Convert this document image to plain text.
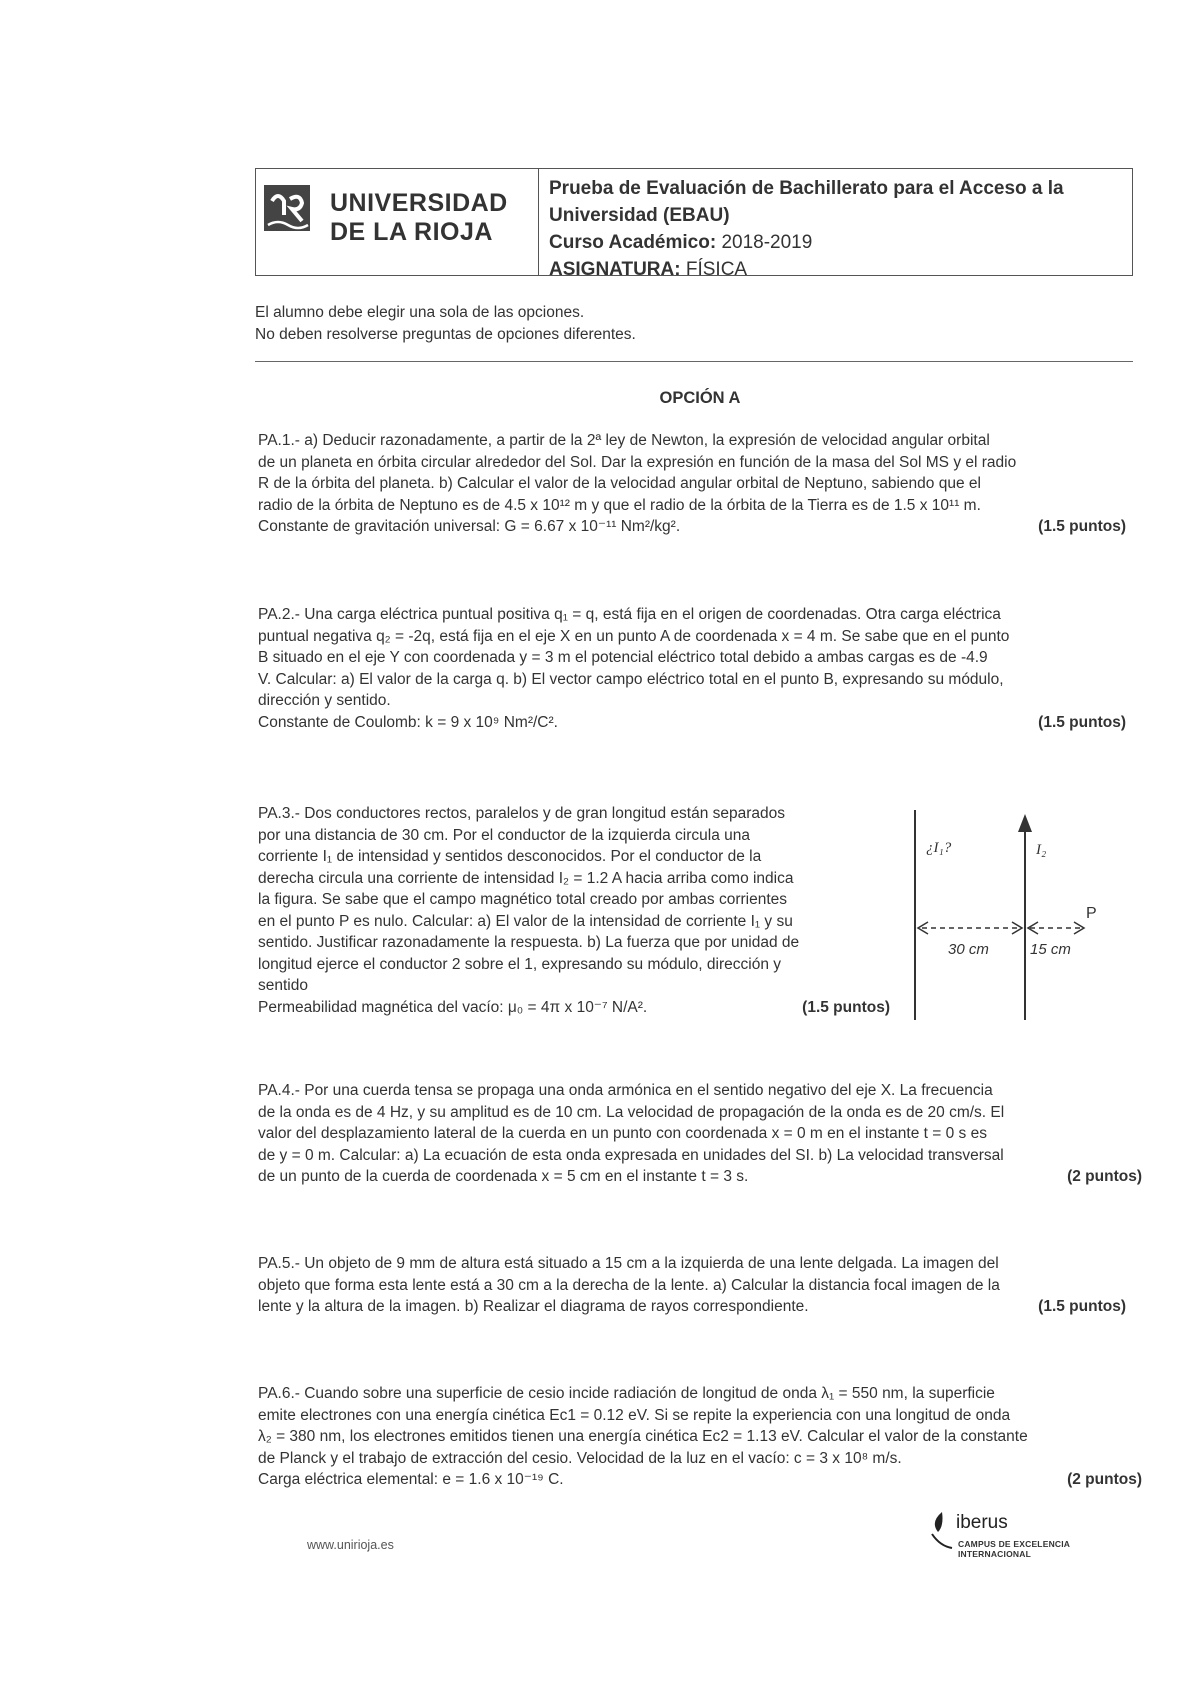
UNIVERSIDAD
DE LA RIOJA
Prueba de Evaluación de Bachillerato para el Acceso a la
Universidad (EBAU)
Curso Académico: 2018-2019
ASIGNATURA: FÍSICA
El alumno debe elegir una sola de las opciones.
No deben resolverse preguntas de opciones diferentes.
OPCIÓN A
PA.1.- a) Deducir razonadamente, a partir de la 2ª ley de Newton, la expresión de velocidad angular orbital
de un planeta en órbita circular alrededor del Sol. Dar la expresión en función de la masa del Sol MS y el radio
R de la órbita del planeta. b) Calcular el valor de la velocidad angular orbital de Neptuno, sabiendo que el
radio de la órbita de Neptuno es de 4.5 x 10¹² m y que el radio de la órbita de la Tierra es de 1.5 x 10¹¹ m.
Constante de gravitación universal: G = 6.67 x 10⁻¹¹ Nm²/kg².	(1.5 puntos)
PA.2.- Una carga eléctrica puntual positiva q₁ = q, está fija en el origen de coordenadas. Otra carga eléctrica
puntual negativa q₂ = -2q, está fija en el eje X en un punto A de coordenada x = 4 m. Se sabe que en el punto
B situado en el eje Y con coordenada y = 3 m el potencial eléctrico total debido a ambas cargas es de -4.9
V. Calcular: a) El valor de la carga q. b) El vector campo eléctrico total en el punto B, expresando su módulo,
dirección y sentido.
Constante de Coulomb: k = 9 x 10⁹ Nm²/C².	(1.5 puntos)
PA.3.- Dos conductores rectos, paralelos y de gran longitud están separados
por una distancia de 30 cm. Por el conductor de la izquierda circula una
corriente I₁ de intensidad y sentidos desconocidos. Por el conductor de la
derecha circula una corriente de intensidad I₂ = 1.2 A hacia arriba como indica
la figura. Se sabe que el campo magnético total creado por ambas corrientes
en el punto P es nulo. Calcular: a) El valor de la intensidad de corriente I₁ y su
sentido. Justificar razonadamente la respuesta. b) La fuerza que por unidad de
longitud ejerce el conductor 2 sobre el 1, expresando su módulo, dirección y
sentido
Permeabilidad magnética del vacío: μ₀ = 4π x 10⁻⁷ N/A².	(1.5 puntos)
¿I₁?	I₂
P
30 cm	15 cm
PA.4.- Por una cuerda tensa se propaga una onda armónica en el sentido negativo del eje X. La frecuencia
de la onda es de 4 Hz, y su amplitud es de 10 cm. La velocidad de propagación de la onda es de 20 cm/s. El
valor del desplazamiento lateral de la cuerda en un punto con coordenada x = 0 m en el instante t = 0 s es
de y = 0 m. Calcular: a) La ecuación de esta onda expresada en unidades del SI. b) La velocidad transversal
de un punto de la cuerda de coordenada x = 5 cm en el instante t = 3 s.	(2 puntos)
PA.5.- Un objeto de 9 mm de altura está situado a 15 cm a la izquierda de una lente delgada. La imagen del
objeto que forma esta lente está a 30 cm a la derecha de la lente. a) Calcular la distancia focal imagen de la
lente y la altura de la imagen. b) Realizar el diagrama de rayos correspondiente.	(1.5 puntos)
PA.6.- Cuando sobre una superficie de cesio incide radiación de longitud de onda λ₁ = 550 nm, la superficie
emite electrones con una energía cinética Ec1 = 0.12 eV. Si se repite la experiencia con una longitud de onda
λ₂ = 380 nm, los electrones emitidos tienen una energía cinética Ec2 = 1.13 eV. Calcular el valor de la constante
de Planck y el trabajo de extracción del cesio. Velocidad de la luz en el vacío: c = 3 x 10⁸ m/s.
Carga eléctrica elemental: e = 1.6 x 10⁻¹⁹ C.	(2 puntos)
www.unirioja.es
iberus
CAMPUS DE EXCELENCIA INTERNACIONAL
